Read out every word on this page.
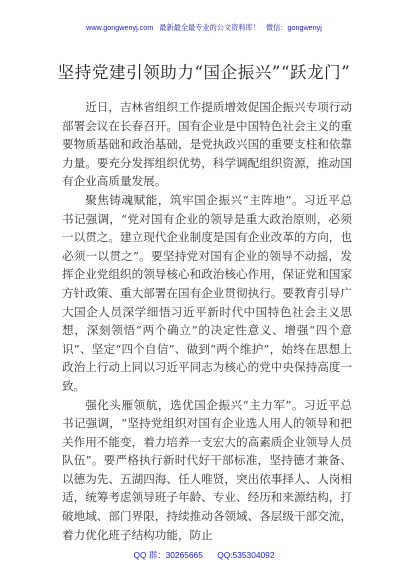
www.gongwenyj.com 最新最全最专业的公文资料库！ 微信：gongwenyj
坚持党建引领助力“国企振兴”“跃龙门”

近日，吉林省组织工作提质增效促国企振兴专项行动部署会议在长春召开。国有企业是中国特色社会主义的重要物质基础和政治基础，是党执政兴国的重要支柱和依靠力量。要充分发挥组织优势，科学调配组织资源，推动国有企业高质量发展。

聚焦铸魂赋能，筑牢国企振兴“主阵地”。习近平总书记强调，“党对国有企业的领导是重大政治原则，必须一以贯之。建立现代企业制度是国有企业改革的方向，也必须一以贯之”。要坚持党对国有企业的领导不动摇，发挥企业党组织的领导核心和政治核心作用，保证党和国家方针政策、重大部署在国有企业贯彻执行。要教育引导广大国企人员深学细悟习近平新时代中国特色社会主义思想，深刻领悟“两个确立”的决定性意义、增强“四个意识”、坚定“四个自信”、做到“两个维护”，始终在思想上政治上行动上同以习近平同志为核心的党中央保持高度一致。

强化头雁领航，选优国企振兴“主力军”。习近平总书记强调，“坚持党组织对国有企业选人用人的领导和把关作用不能变，着力培养一支宏大的高素质企业领导人员队伍”。要严格执行新时代好干部标准，坚持德才兼备、以德为先、五湖四海、任人唯贤，突出依事择人、人岗相适，统筹考虑领导班子年龄、专业、经历和来源结构，打破地域、部门界限，持续推动各领域、各层级干部交流，着力优化班子结构功能，防止

QQ 群：30265665 QQ:535304092
